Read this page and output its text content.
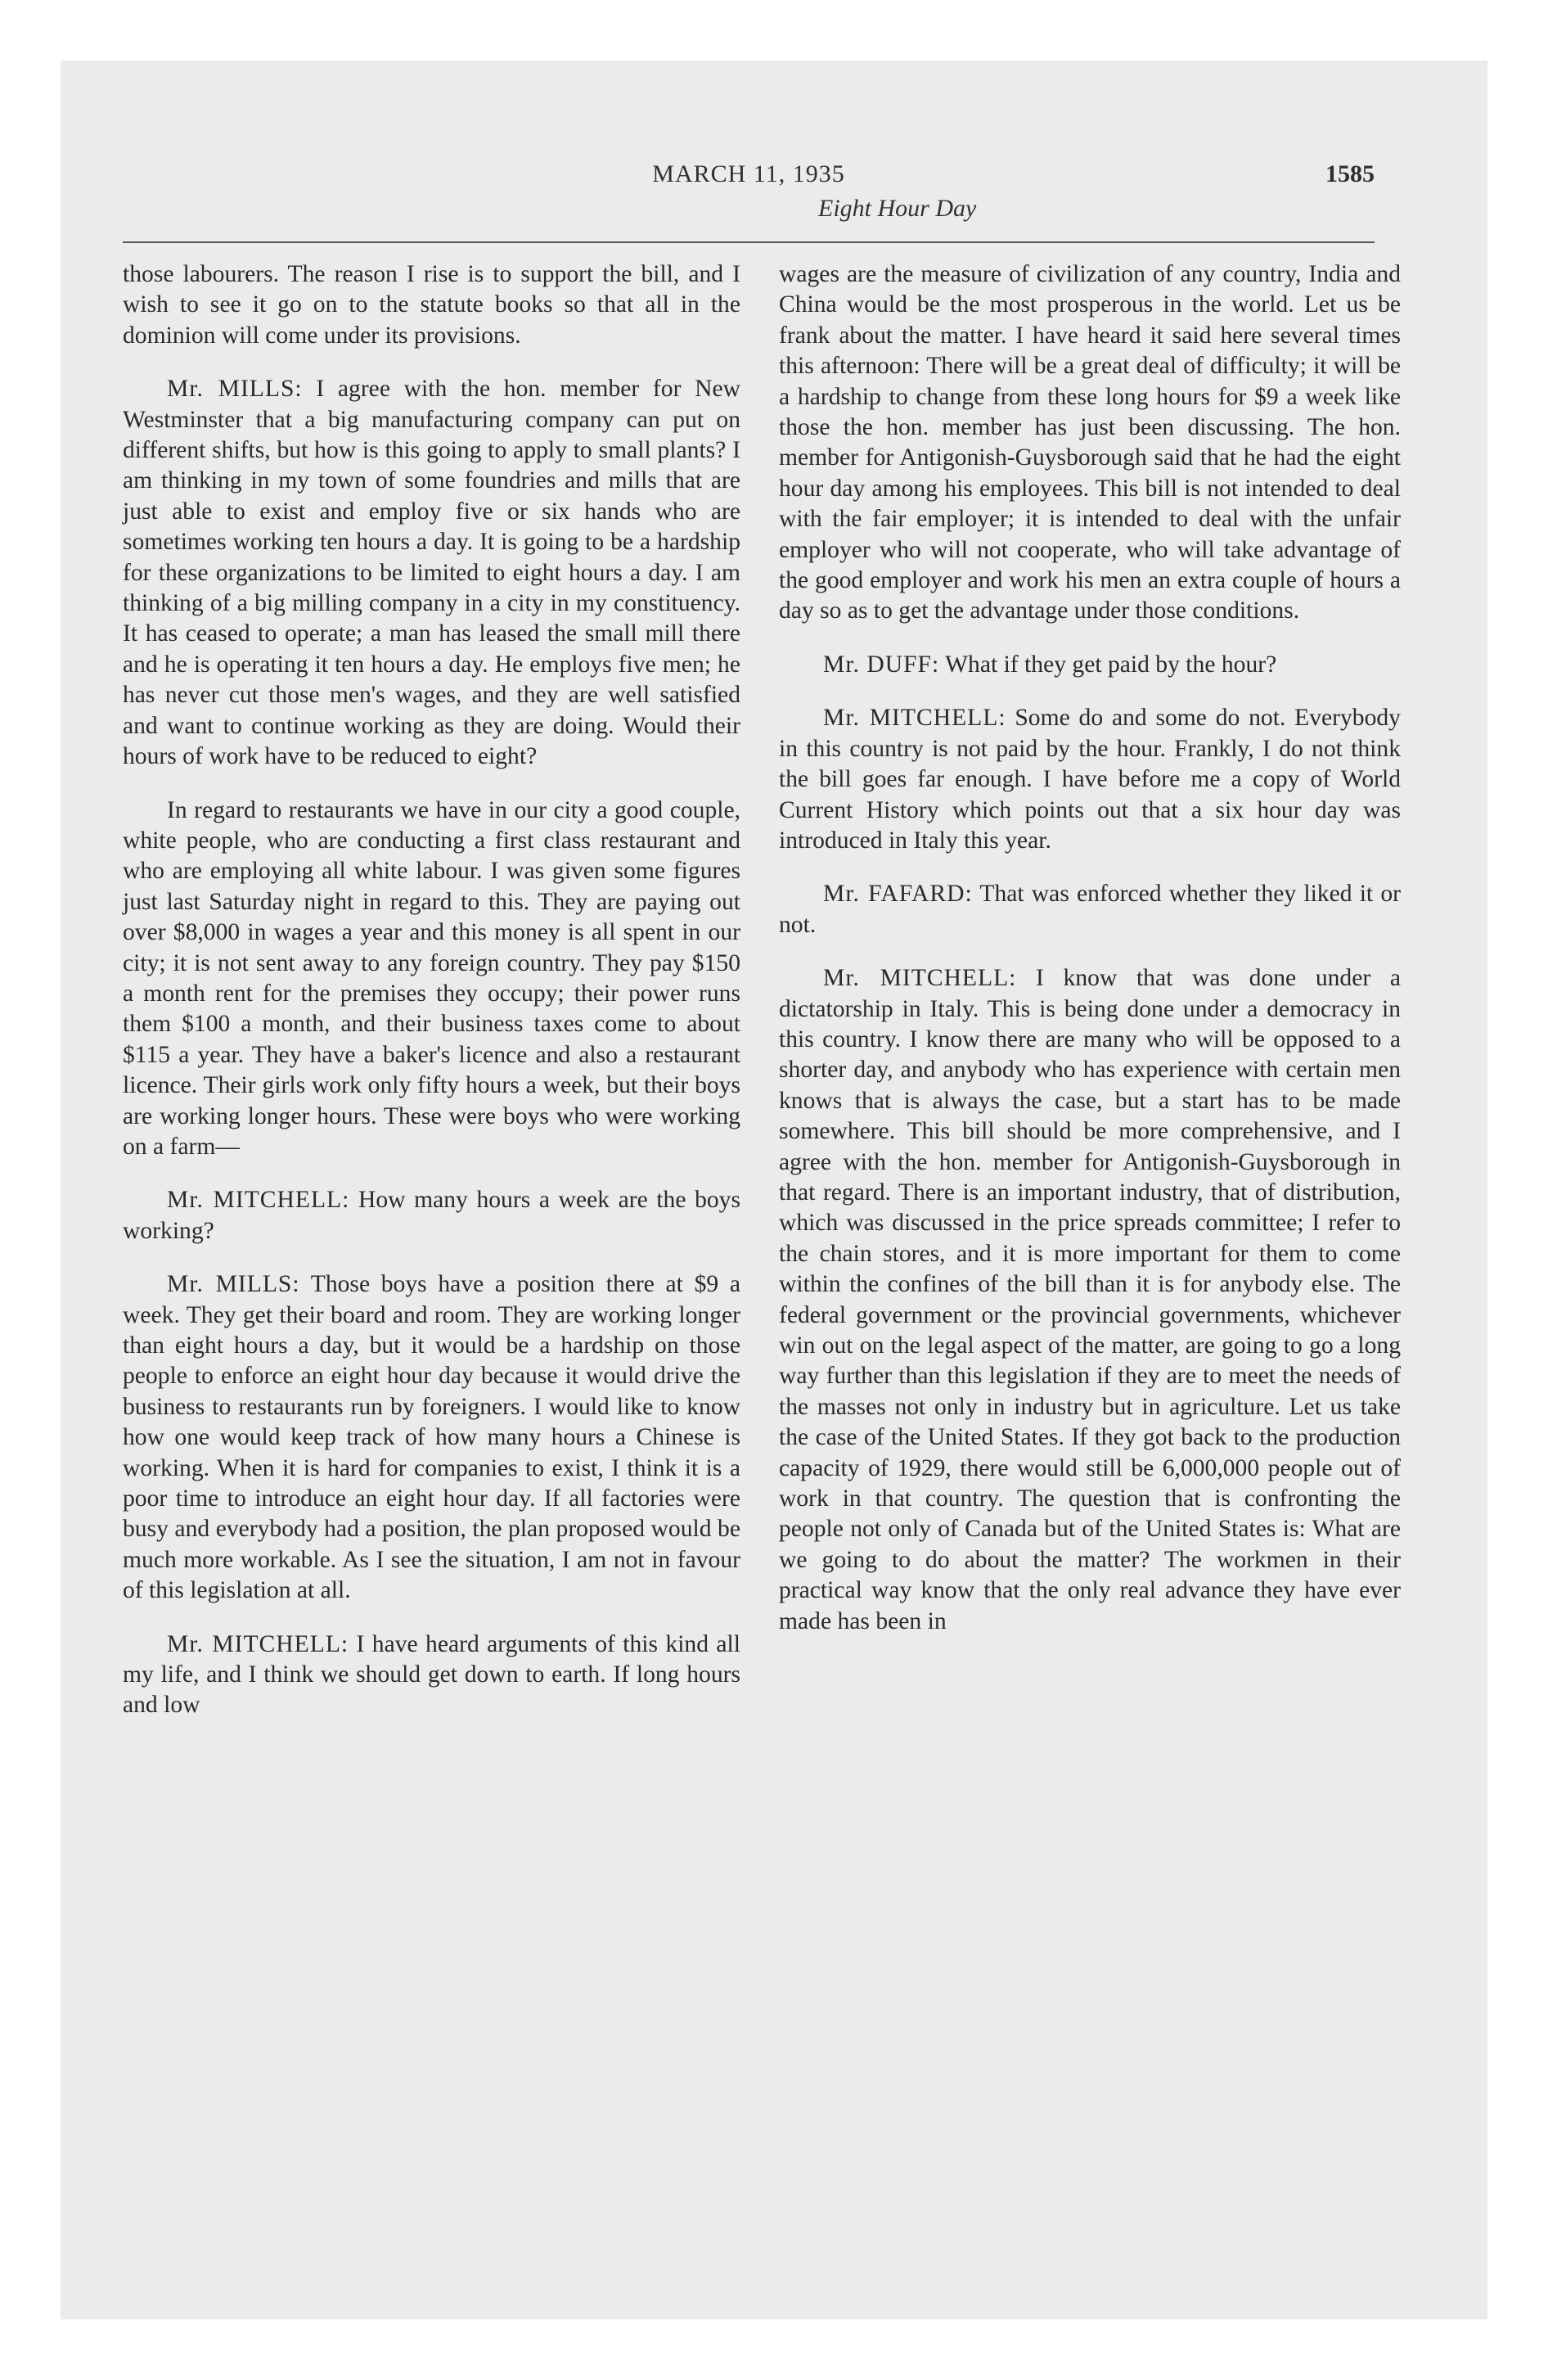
MARCH 11, 1935	1585
Eight Hour Day

those labourers. The reason I rise is to support the bill, and I wish to see it go on to the statute books so that all in the dominion will come under its provisions.

Mr. MILLS: I agree with the hon. member for New Westminster that a big manufacturing company can put on different shifts, but how is this going to apply to small plants? I am thinking in my town of some foundries and mills that are just able to exist and employ five or six hands who are sometimes working ten hours a day. It is going to be a hardship for these organizations to be limited to eight hours a day. I am thinking of a big milling company in a city in my constituency. It has ceased to operate; a man has leased the small mill there and he is operating it ten hours a day. He employs five men; he has never cut those men's wages, and they are well satisfied and want to continue working as they are doing. Would their hours of work have to be reduced to eight?

In regard to restaurants we have in our city a good couple, white people, who are conducting a first class restaurant and who are employing all white labour. I was given some figures just last Saturday night in regard to this. They are paying out over $8,000 in wages a year and this money is all spent in our city; it is not sent away to any foreign country. They pay $150 a month rent for the premises they occupy; their power runs them $100 a month, and their business taxes come to about $115 a year. They have a baker's licence and also a restaurant licence. Their girls work only fifty hours a week, but their boys are working longer hours. These were boys who were working on a farm—

Mr. MITCHELL: How many hours a week are the boys working?

Mr. MILLS: Those boys have a position there at $9 a week. They get their board and room. They are working longer than eight hours a day, but it would be a hardship on those people to enforce an eight hour day because it would drive the business to restaurants run by foreigners. I would like to know how one would keep track of how many hours a Chinese is working. When it is hard for companies to exist, I think it is a poor time to introduce an eight hour day. If all factories were busy and everybody had a position, the plan proposed would be much more workable. As I see the situation, I am not in favour of this legislation at all.

Mr. MITCHELL: I have heard arguments of this kind all my life, and I think we should get down to earth. If long hours and low

wages are the measure of civilization of any country, India and China would be the most prosperous in the world. Let us be frank about the matter. I have heard it said here several times this afternoon: There will be a great deal of difficulty; it will be a hardship to change from these long hours for $9 a week like those the hon. member has just been discussing. The hon. member for Antigonish-Guysborough said that he had the eight hour day among his employees. This bill is not intended to deal with the fair employer; it is intended to deal with the unfair employer who will not cooperate, who will take advantage of the good employer and work his men an extra couple of hours a day so as to get the advantage under those conditions.

Mr. DUFF: What if they get paid by the hour?

Mr. MITCHELL: Some do and some do not. Everybody in this country is not paid by the hour. Frankly, I do not think the bill goes far enough. I have before me a copy of World Current History which points out that a six hour day was introduced in Italy this year.

Mr. FAFARD: That was enforced whether they liked it or not.

Mr. MITCHELL: I know that was done under a dictatorship in Italy. This is being done under a democracy in this country. I know there are many who will be opposed to a shorter day, and anybody who has experience with certain men knows that is always the case, but a start has to be made somewhere. This bill should be more comprehensive, and I agree with the hon. member for Antigonish-Guysborough in that regard. There is an important industry, that of distribution, which was discussed in the price spreads committee; I refer to the chain stores, and it is more important for them to come within the confines of the bill than it is for anybody else. The federal government or the provincial governments, whichever win out on the legal aspect of the matter, are going to go a long way further than this legislation if they are to meet the needs of the masses not only in industry but in agriculture. Let us take the case of the United States. If they got back to the production capacity of 1929, there would still be 6,000,000 people out of work in that country. The question that is confronting the people not only of Canada but of the United States is: What are we going to do about the matter? The workmen in their practical way know that the only real advance they have ever made has been in
